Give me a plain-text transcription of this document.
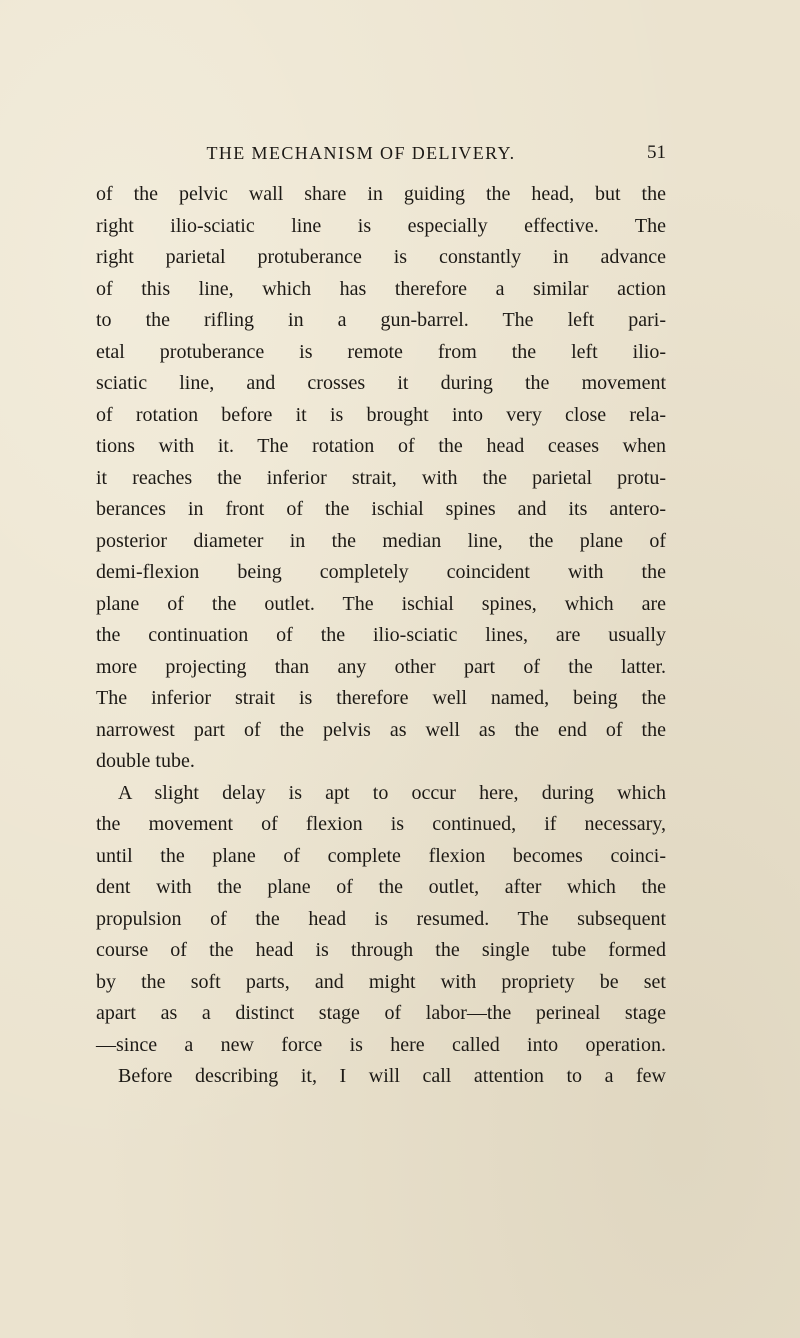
THE MECHANISM OF DELIVERY.	51
of the pelvic wall share in guiding the head, but the
right ilio-sciatic line is especially effective. The
right parietal protuberance is constantly in advance
of this line, which has therefore a similar action
to the rifling in a gun-barrel. The left pari-
etal protuberance is remote from the left ilio-
sciatic line, and crosses it during the movement
of rotation before it is brought into very close rela-
tions with it. The rotation of the head ceases when
it reaches the inferior strait, with the parietal protu-
berances in front of the ischial spines and its antero-
posterior diameter in the median line, the plane of
demi-flexion being completely coincident with the
plane of the outlet. The ischial spines, which are
the continuation of the ilio-sciatic lines, are usually
more projecting than any other part of the latter.
The inferior strait is therefore well named, being the
narrowest part of the pelvis as well as the end of the
double tube.
A slight delay is apt to occur here, during which
the movement of flexion is continued, if necessary,
until the plane of complete flexion becomes coinci-
dent with the plane of the outlet, after which the
propulsion of the head is resumed. The subsequent
course of the head is through the single tube formed
by the soft parts, and might with propriety be set
apart as a distinct stage of labor—the perineal stage
—since a new force is here called into operation.
Before describing it, I will call attention to a few
